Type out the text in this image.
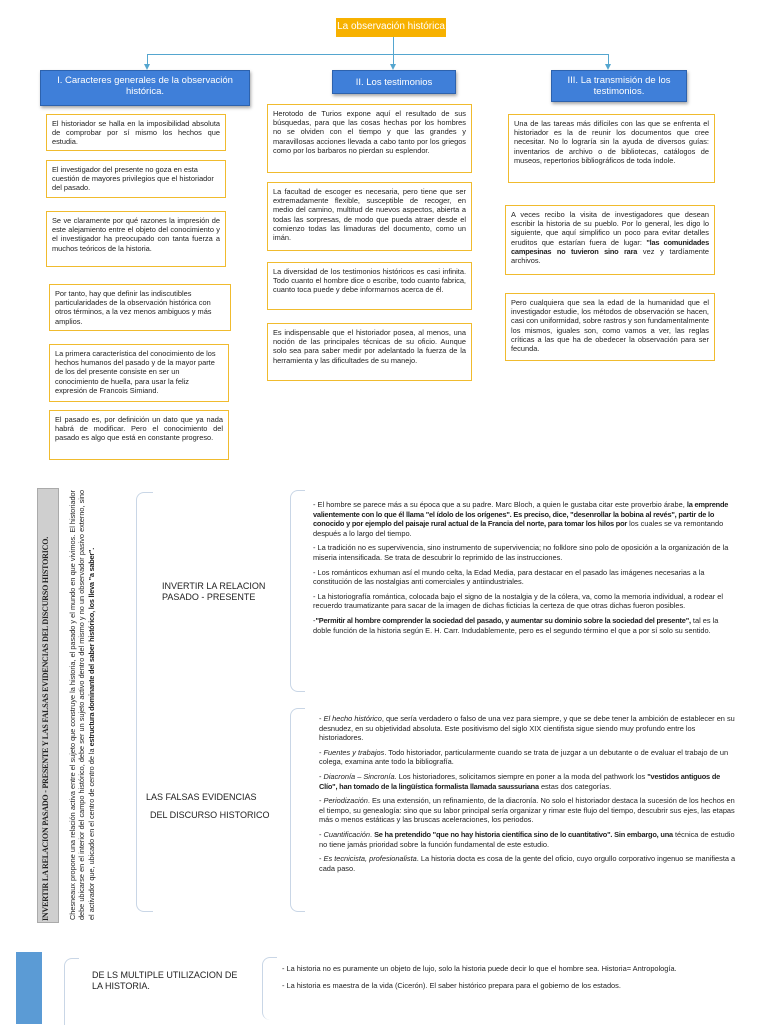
La observación histórica
I. Caracteres generales de la observación histórica.
II. Los testimonios	III. La transmisión de los testimonios.
El historiador se halla en la imposibilidad absoluta de comprobar por sí mismo los hechos que estudia.
El investigador del presente no goza en esta cuestión de mayores privilegios que el historiador del pasado.
Se ve claramente por qué razones la impresión de este alejamiento entre el objeto del conocimiento y el investigador ha preocupado con tanta fuerza a muchos teóricos de la historia.
Por tanto, hay que definir las indiscutibles particularidades de la observación histórica con otros términos, a la vez menos ambiguos y más amplios.
La primera característica del conocimiento de los hechos humanos del pasado y de la mayor parte de los del presente consiste en ser un conocimiento de huella, para usar la feliz expresión de Francois Simiand.
El pasado es, por definición un dato que ya nada habrá de modificar. Pero el conocimiento del pasado es algo que está en constante progreso.
Herotodo de Turios expone aquí el resultado de sus búsquedas, para que las cosas hechas por los hombres no se olviden con el tiempo y que las grandes y maravillosas acciones llevada a cabo tanto por los griegos como por los barbaros no pierdan su esplendor.
La facultad de escoger es necesaria, pero tiene que ser extremadamente flexible, susceptible de recoger, en medio del camino, multitud de nuevos aspectos, abierta a todas las sorpresas, de modo que pueda atraer desde el comienzo todas las limaduras del documento, como un imán.
La diversidad de los testimonios históricos es casi infinita. Todo cuanto el hombre dice o escribe, todo cuanto fabrica, cuanto toca puede y debe informarnos acerca de él.
Es indispensable que el historiador posea, al menos, una noción de las principales técnicas de su oficio. Aunque solo sea para saber medir por adelantado la fuerza de la herramienta y las dificultades de su manejo.
Una de las tareas más difíciles con las que se enfrenta el historiador es la de reunir los documentos que cree necesitar. No lo lograría sin la ayuda de diversos guías: inventarios de archivo o de bibliotecas, catálogos de museos, repertorios bibliográficos de toda índole.
A veces recibo la visita de investigadores que desean escribir la historia de su pueblo. Por lo general, les digo lo siguiente, que aquí simplifico un poco para evitar detalles eruditos que estarían fuera de lugar: "las comunidades campesinas no tuvieron sino rara vez y tardíamente archivos.
Pero cualquiera que sea la edad de la humanidad que el investigador estudie, los métodos de observación se hacen, casi con uniformidad, sobre rastros y son fundamentalmente los mismos, iguales son, como vamos a ver, las reglas críticas a las que ha de obedecer la observación para ser fecunda.
INVERTIR LA RELACION PASADO - PRESENTE Y LAS FALSAS EVIDENCIAS DEL DISCURSO HISTORICO. Chesneaux propone una relación activa entre el sujeto que construye la historia, el pasado y el mundo en que vivimos. El historiador debe ubicarse en el interior del campo histórico, debe ser un sujeto activo dentro del mismo y no un observador pasivo externo, sino el activador que, ubicado en el centro de centro de la estructura dominante del saber histórico, los lleva "a saber".	INVERTIR LA RELACION PASADO - PRESENTE
- El hombre se parece más a su época que a su padre. Marc Bloch, a quien le gustaba citar este proverbio árabe, la emprende valientemente con lo que él llama "el ídolo de los orígenes". Es preciso, dice, "desenrollar la bobina al revés", partir de lo conocido y por ejemplo del paisaje rural actual de la Francia del norte, para tomar los hilos por los cuales se va remontando después a lo largo del tiempo.
- La tradición no es supervivencia, sino instrumento de supervivencia; no folklore sino polo de oposición a la organización de la miseria intensificada. Se trata de descubrir lo reprimido de las instrucciones.
- Los románticos exhuman así el mundo celta, la Edad Media, para destacar en el pasado las imágenes necesarias a la constitución de las nostalgias anti comerciales y antiindustriales.
- La historiografía romántica, colocada bajo el signo de la nostalgia y de la cólera, va, como la memoria individual, a rodear el recuerdo traumatizante para sacar de la imagen de dichas ficticias la certeza de que otras dichas fueron posibles.
-"Permitir al hombre comprender la sociedad del pasado, y aumentar su dominio sobre la sociedad del presente", tal es la doble función de la historia según E. H. Carr. Indudablemente, pero es el segundo término el que a por sí solo su sentido.
LAS FALSAS EVIDENCIAS
DEL DISCURSO HISTORICO
- El hecho histórico, que sería verdadero o falso de una vez para siempre, y que se debe tener la ambición de establecer en su desnudez, en su objetividad absoluta. Este positivismo del siglo XIX cientifista sigue siendo muy profundo entre los historiadores.
- Fuentes y trabajos. Todo historiador, particularmente cuando se trata de juzgar a un debutante o de evaluar el trabajo de un colega, examina ante todo la bibliografía.
- Diacronía – Sincronía. Los historiadores, solicitamos siempre en poner a la moda del pathwork los "vestidos antiguos de Clío", han tomado de la lingüística formalista llamada saussuriana estas dos categorías.
- Periodización. Es una extensión, un refinamiento, de la diacronía. No solo el historiador destaca la sucesión de los hechos en el tiempo, su genealogía: sino que su labor principal sería organizar y rimar este flujo del tiempo, descubrir sus ejes, las etapas más o menos estáticas y las bruscas aceleraciones, los periodos.
- Cuantificación. Se ha pretendido "que no hay historia científica sino de lo cuantitativo". Sin embargo, una técnica de estudio no tiene jamás prioridad sobre la función fundamental de este estudio.
- Es tecnicista, profesionalista. La historia docta es cosa de la gente del oficio, cuyo orgullo corporativo ingenuo se manifiesta a cada paso.
DE LS MULTIPLE UTILIZACION DE LA HISTORIA.
- La historia no es puramente un objeto de lujo, solo la historia puede decir lo que el hombre sea. Historia= Antropología.
- La historia es maestra de la vida (Cicerón). El saber histórico prepara para el gobierno de los estados.
